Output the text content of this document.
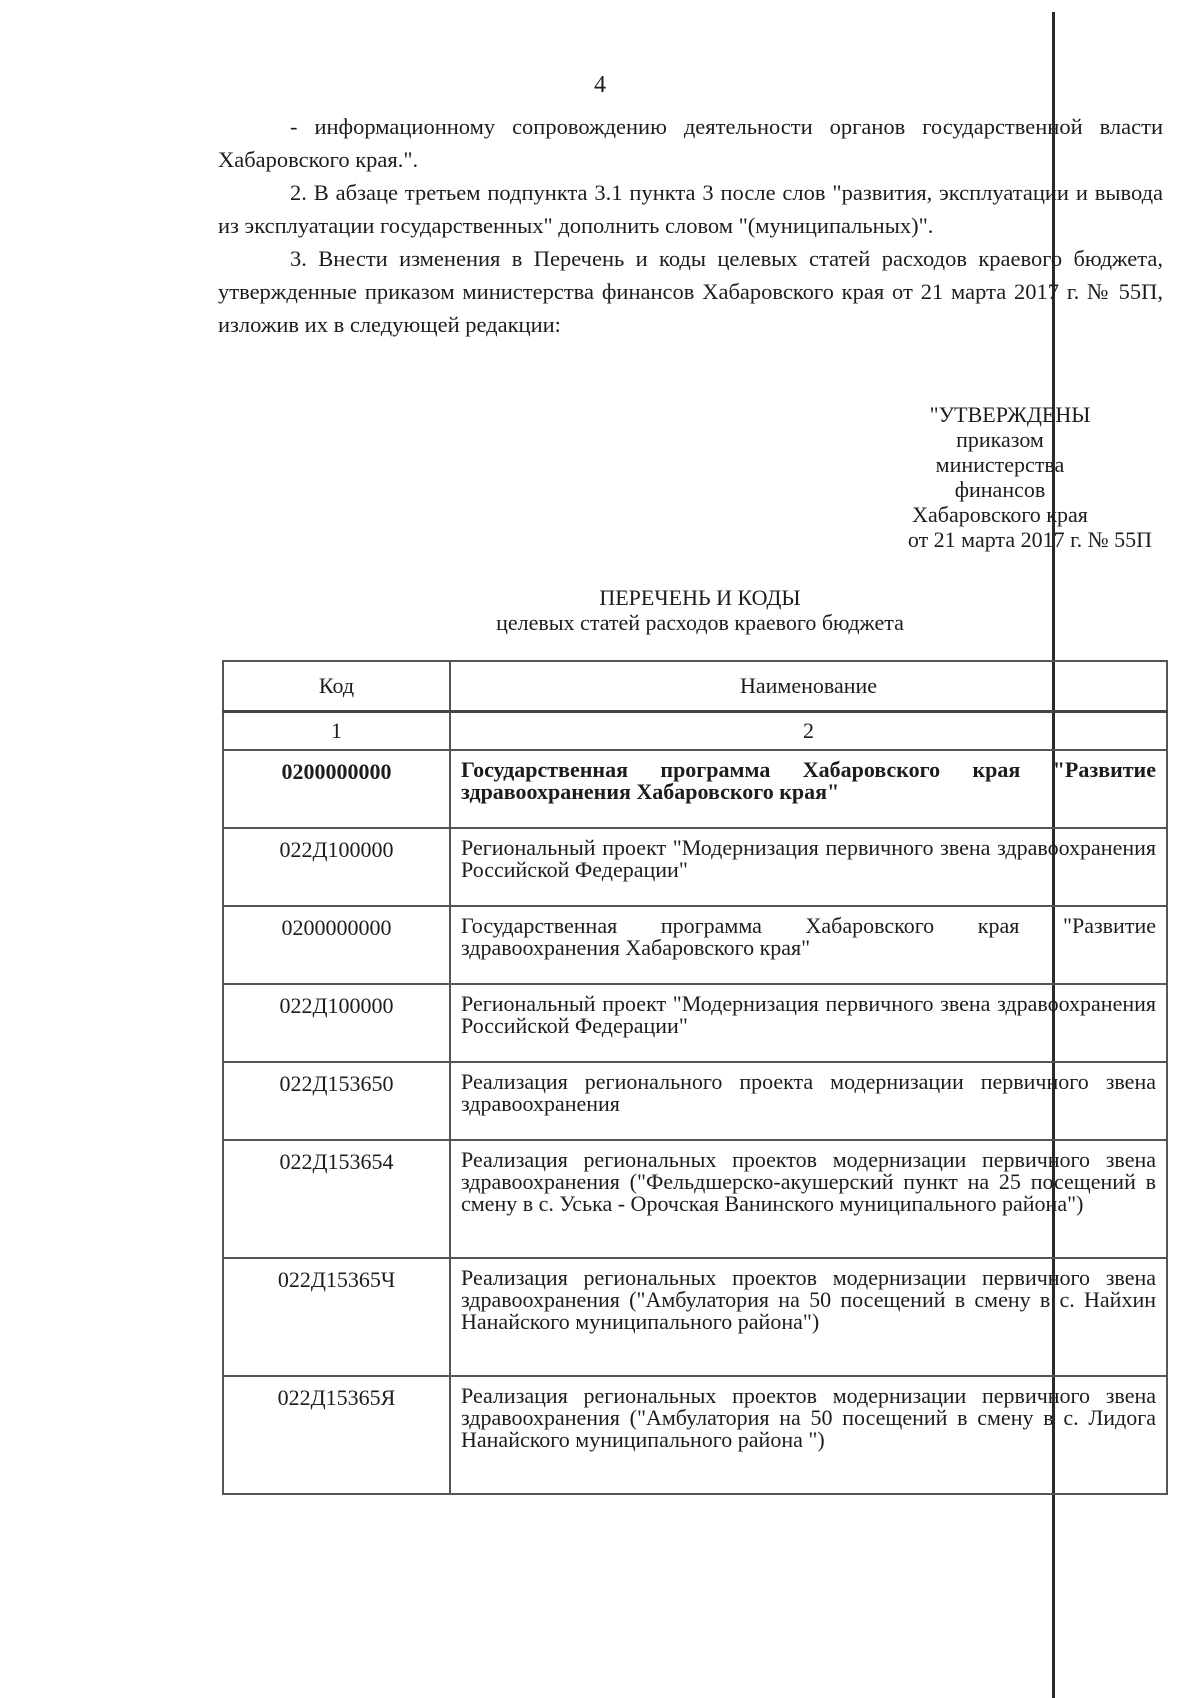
4

- информационному сопровождению деятельности органов государственной власти Хабаровского края.".

2. В абзаце третьем подпункта 3.1 пункта 3 после слов "развития, эксплуатации и вывода из эксплуатации государственных" дополнить словом "(муниципальных)".

3. Внести изменения в Перечень и коды целевых статей расходов краевого бюджета, утвержденные приказом министерства финансов Хабаровского края от 21 марта 2017 г. № 55П, изложив их в следующей редакции:

"УТВЕРЖДЕНЫ
приказом
министерства
финансов
Хабаровского края
от 21 марта 2017 г. № 55П
ПЕРЕЧЕНЬ И КОДЫ
целевых статей расходов краевого бюджета
Код	Наименование
1	2
0200000000	Государственная программа Хабаровского края "Развитие здравоохранения Хабаровского края"
022Д100000	Региональный проект "Модернизация первичного звена здравоохранения Российской Федерации"
0200000000	Государственная программа Хабаровского края "Развитие здравоохранения Хабаровского края"
022Д100000	Региональный проект "Модернизация первичного звена здравоохранения Российской Федерации"
022Д153650	Реализация регионального проекта модернизации первичного звена здравоохранения
022Д153654	Реализация региональных проектов модернизации первичного звена здравоохранения ("Фельдшерско-акушерский пункт на 25 посещений в смену в с. Уська - Орочская Ванинского муниципального района")
022Д15365Ч	Реализация региональных проектов модернизации первичного звена здравоохранения ("Амбулатория на 50 посещений в смену в с. Найхин Нанайского муниципального района")
022Д15365Я	Реализация региональных проектов модернизации первичного звена здравоохранения ("Амбулатория на 50 посещений в смену в с. Лидога Нанайского муниципального района ")
